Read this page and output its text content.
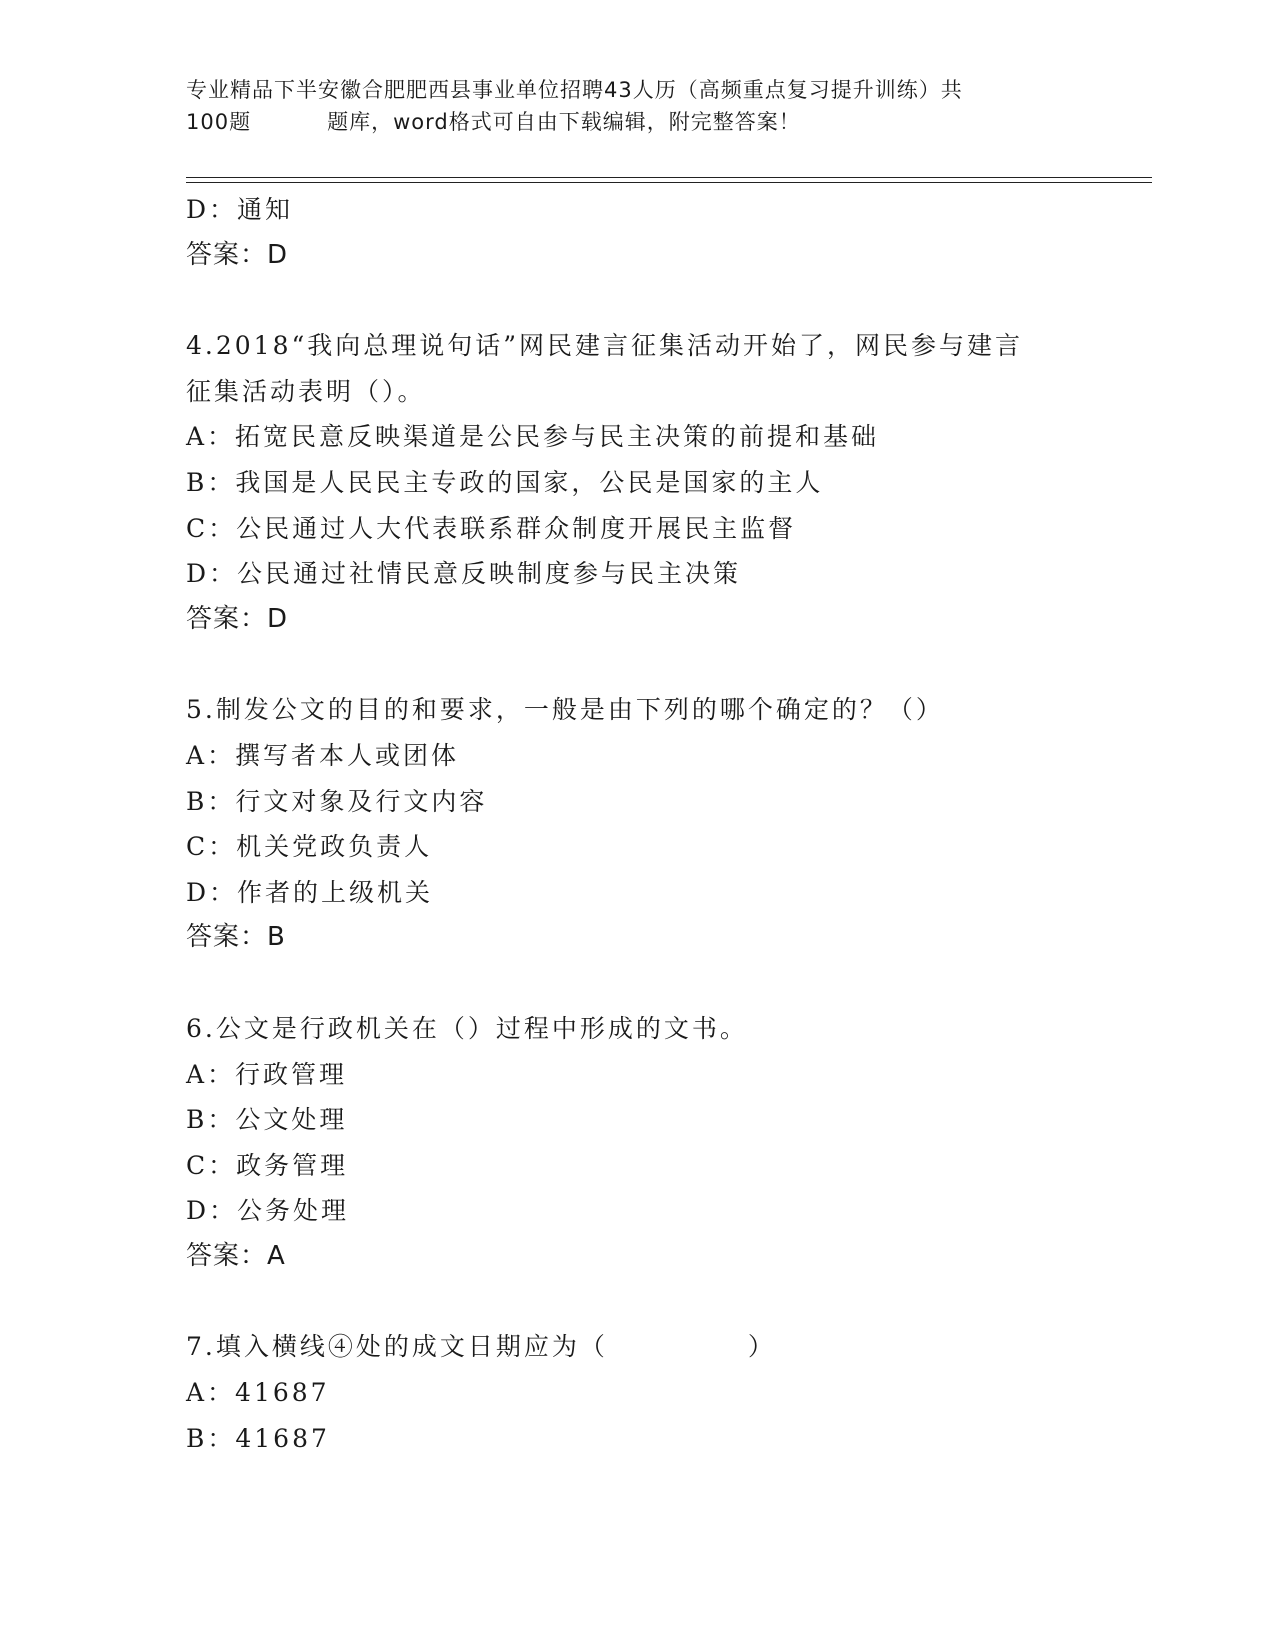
专业精品下半安徽合肥肥西县事业单位招聘43人历（高频重点复习提升训练）共
100题	题库，word格式可自由下载编辑，附完整答案！
D：通知
答案：D
4.2018“我向总理说句话”网民建言征集活动开始了，网民参与建言
征集活动表明（）。
A：拓宽民意反映渠道是公民参与民主决策的前提和基础
B：我国是人民民主专政的国家，公民是国家的主人
C：公民通过人大代表联系群众制度开展民主监督
D：公民通过社情民意反映制度参与民主决策
答案：D
5.制发公文的目的和要求，一般是由下列的哪个确定的？（）
A：撰写者本人或团体
B：行文对象及行文内容
C：机关党政负责人
D：作者的上级机关
答案：B
6.公文是行政机关在（）过程中形成的文书。
A：行政管理
B：公文处理
C：政务管理
D：公务处理
答案：A
7.填入横线④处的成文日期应为（　　　　　）
A：41687
B：41687
